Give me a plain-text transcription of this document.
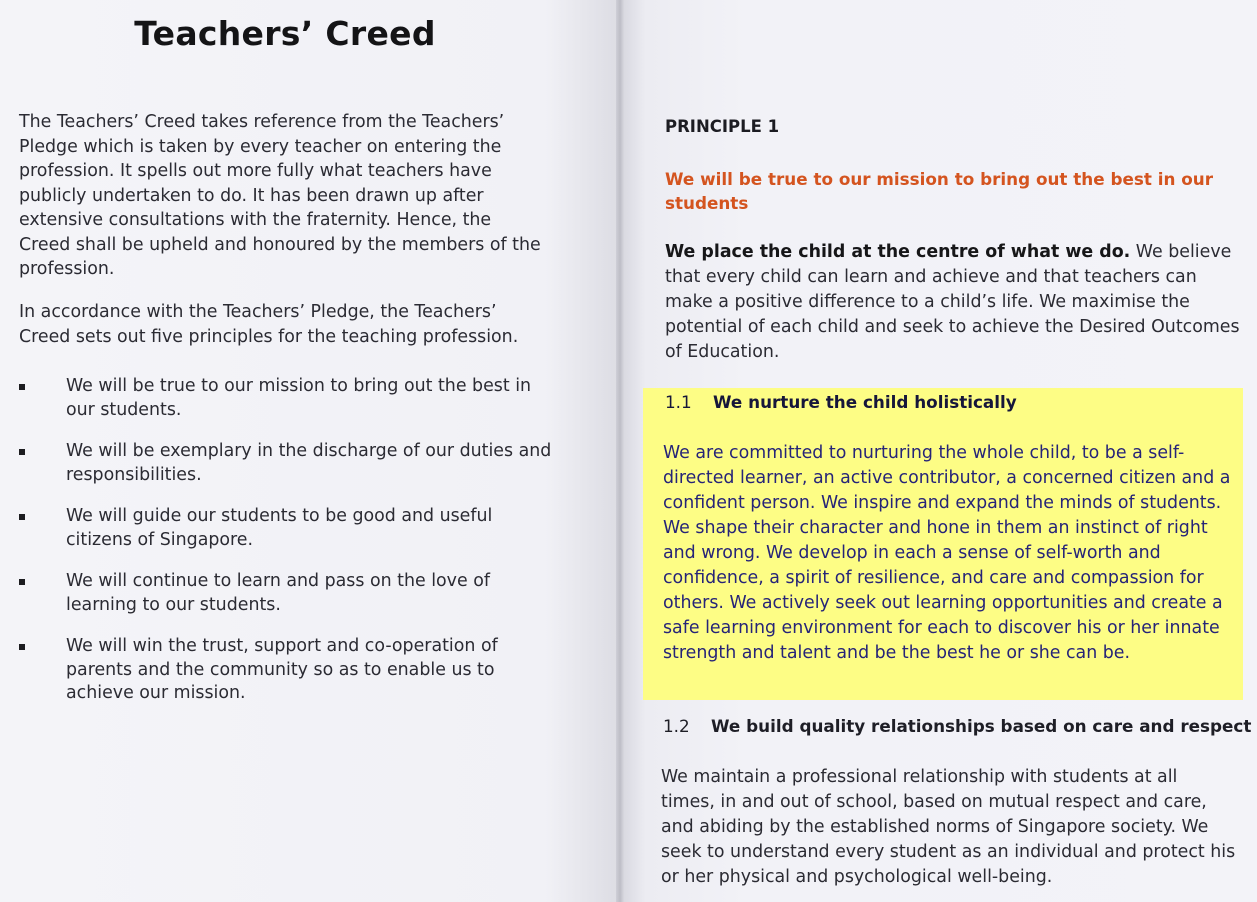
Teachers’ Creed

The Teachers’ Creed takes reference from the Teachers’ Pledge which is taken by every teacher on entering the profession. It spells out more fully what teachers have publicly undertaken to do. It has been drawn up after extensive consultations with the fraternity. Hence, the Creed shall be upheld and honoured by the members of the profession.

In accordance with the Teachers’ Pledge, the Teachers’ Creed sets out five principles for the teaching profession.

We will be true to our mission to bring out the best in our students.
We will be exemplary in the discharge of our duties and responsibilities.
We will guide our students to be good and useful citizens of Singapore.
We will continue to learn and pass on the love of learning to our students.
We will win the trust, support and co-operation of parents and the community so as to enable us to achieve our mission.

PRINCIPLE 1

We will be true to our mission to bring out the best in our students

We place the child at the centre of what we do. We believe that every child can learn and achieve and that teachers can make a positive difference to a child’s life. We maximise the potential of each child and seek to achieve the Desired Outcomes of Education.

1.1 We nurture the child holistically

We are committed to nurturing the whole child, to be a self-directed learner, an active contributor, a concerned citizen and a confident person. We inspire and expand the minds of students. We shape their character and hone in them an instinct of right and wrong. We develop in each a sense of self-worth and confidence, a spirit of resilience, and care and compassion for others. We actively seek out learning opportunities and create a safe learning environment for each to discover his or her innate strength and talent and be the best he or she can be.

1.2 We build quality relationships based on care and respect

We maintain a professional relationship with students at all times, in and out of school, based on mutual respect and care, and abiding by the established norms of Singapore society. We seek to understand every student as an individual and protect his or her physical and psychological well-being.
